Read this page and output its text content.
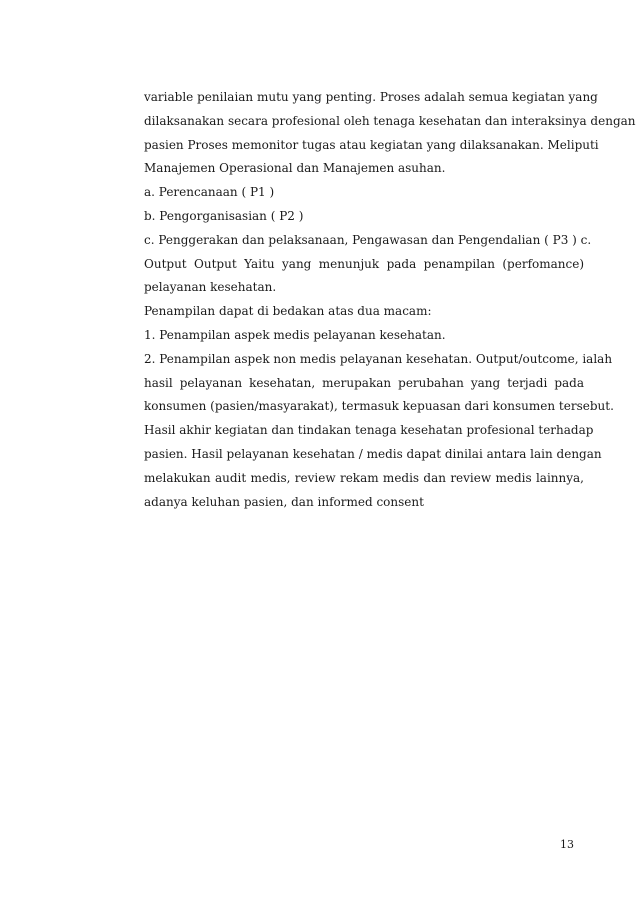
variable penilaian mutu yang penting. Proses adalah semua kegiatan yang
dilaksanakan secara profesional oleh tenaga kesehatan dan interaksinya dengan
pasien Proses memonitor tugas atau kegiatan yang dilaksanakan. Meliputi
Manajemen Operasional dan Manajemen asuhan.
a. Perencanaan ( P1 )
b. Pengorganisasian ( P2 )
c. Penggerakan dan pelaksanaan, Pengawasan dan Pengendalian ( P3 ) c.
Output Output Yaitu yang menunjuk pada penampilan (perfomance)
pelayanan kesehatan.
Penampilan dapat di bedakan atas dua macam:
1. Penampilan aspek medis pelayanan kesehatan.
2. Penampilan aspek non medis pelayanan kesehatan. Output/outcome, ialah
hasil pelayanan kesehatan, merupakan perubahan yang terjadi pada
konsumen (pasien/masyarakat), termasuk kepuasan dari konsumen tersebut.
Hasil akhir kegiatan dan tindakan tenaga kesehatan profesional terhadap
pasien. Hasil pelayanan kesehatan / medis dapat dinilai antara lain dengan
melakukan audit medis, review rekam medis dan review medis lainnya,
adanya keluhan pasien, dan informed consent
13
